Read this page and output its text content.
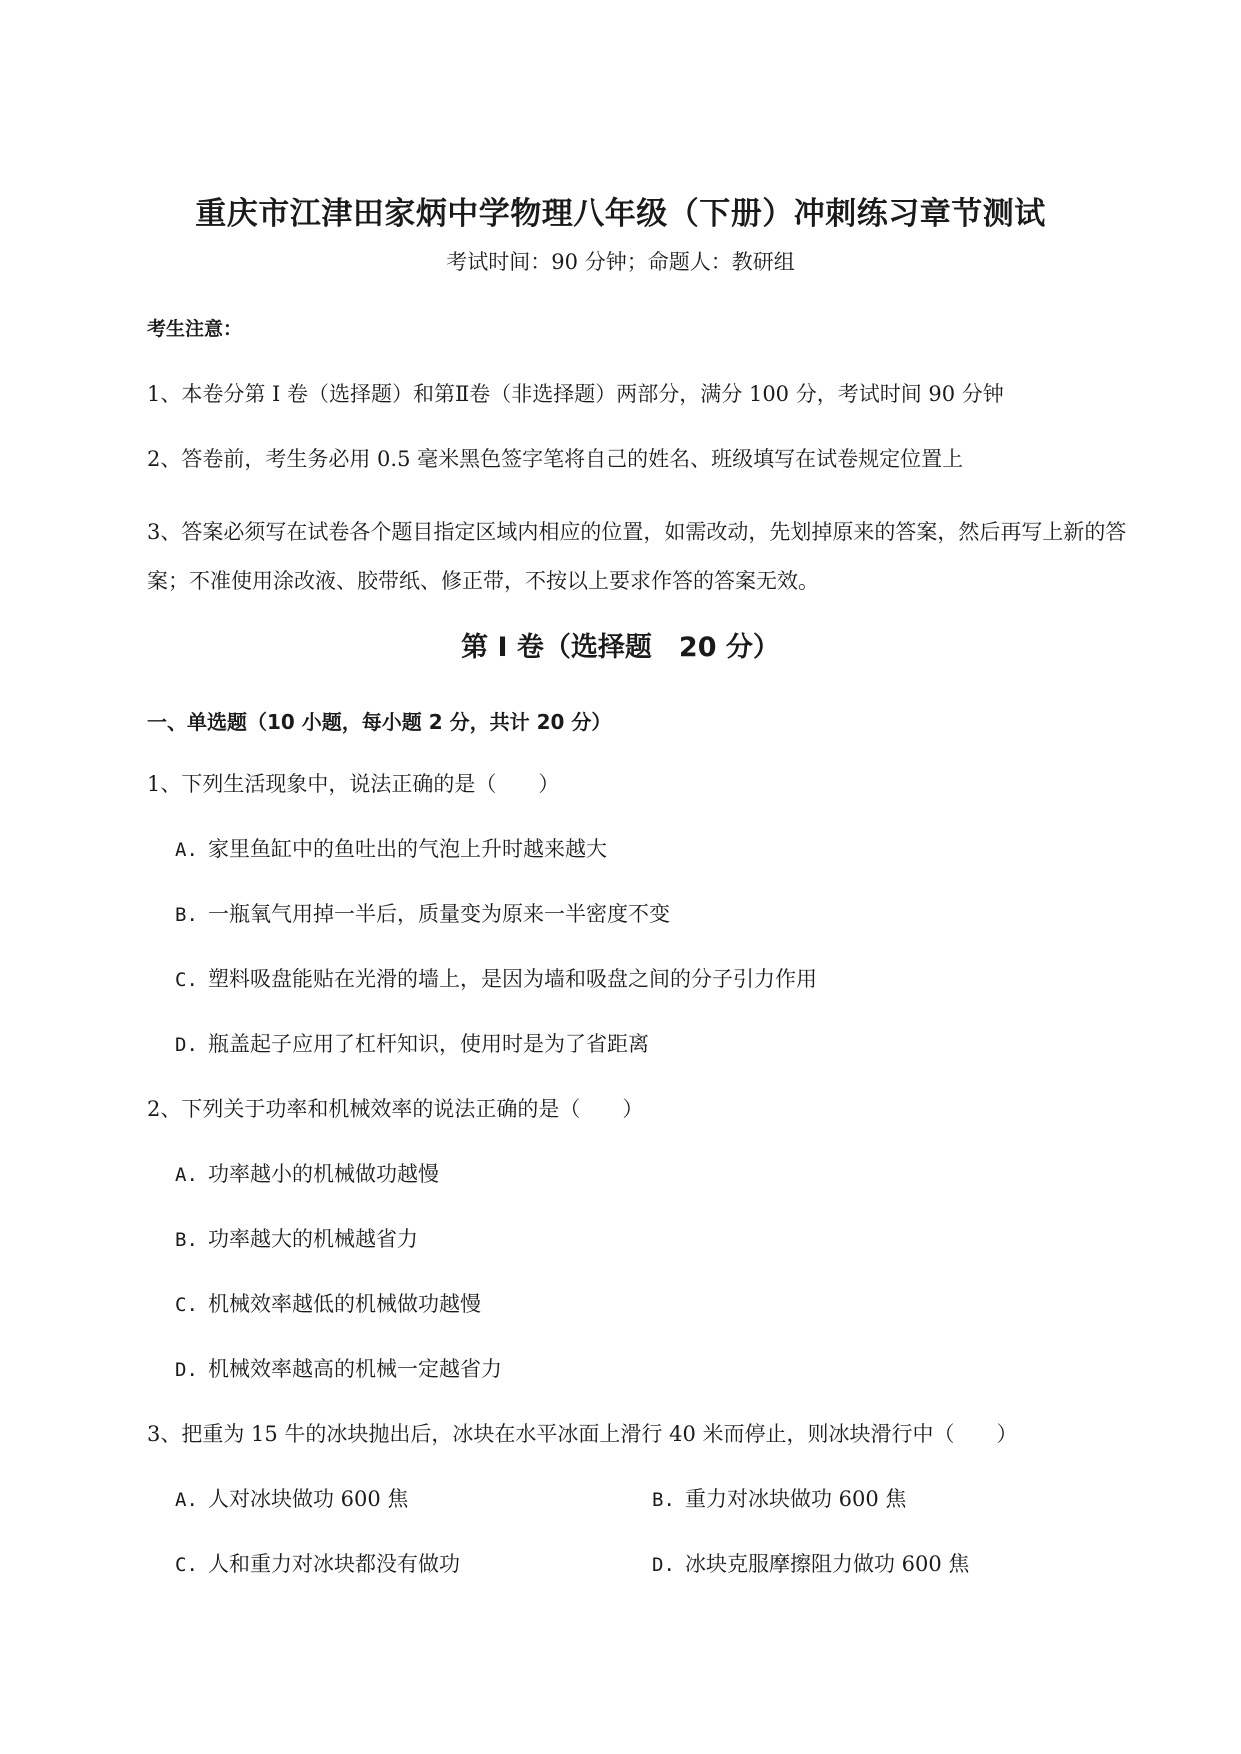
重庆市江津田家炳中学物理八年级（下册）冲刺练习章节测试
考试时间：90 分钟；命题人：教研组
考生注意：
1、本卷分第 I 卷（选择题）和第Ⅱ卷（非选择题）两部分，满分 100 分，考试时间 90 分钟
2、答卷前，考生务必用 0.5 毫米黑色签字笔将自己的姓名、班级填写在试卷规定位置上
3、答案必须写在试卷各个题目指定区域内相应的位置，如需改动，先划掉原来的答案，然后再写上新的答案；不准使用涂改液、胶带纸、修正带，不按以上要求作答的答案无效。
第 I 卷（选择题　20 分）
一、单选题（10 小题，每小题 2 分，共计 20 分）
1、下列生活现象中，说法正确的是（　　）
A. 家里鱼缸中的鱼吐出的气泡上升时越来越大
B. 一瓶氧气用掉一半后，质量变为原来一半密度不变
C. 塑料吸盘能贴在光滑的墙上，是因为墙和吸盘之间的分子引力作用
D. 瓶盖起子应用了杠杆知识，使用时是为了省距离
2、下列关于功率和机械效率的说法正确的是（　　）
A. 功率越小的机械做功越慢
B. 功率越大的机械越省力
C. 机械效率越低的机械做功越慢
D. 机械效率越高的机械一定越省力
3、把重为 15 牛的冰块抛出后，冰块在水平冰面上滑行 40 米而停止，则冰块滑行中（　　）
A. 人对冰块做功 600 焦	B. 重力对冰块做功 600 焦
C. 人和重力对冰块都没有做功	D. 冰块克服摩擦阻力做功 600 焦
